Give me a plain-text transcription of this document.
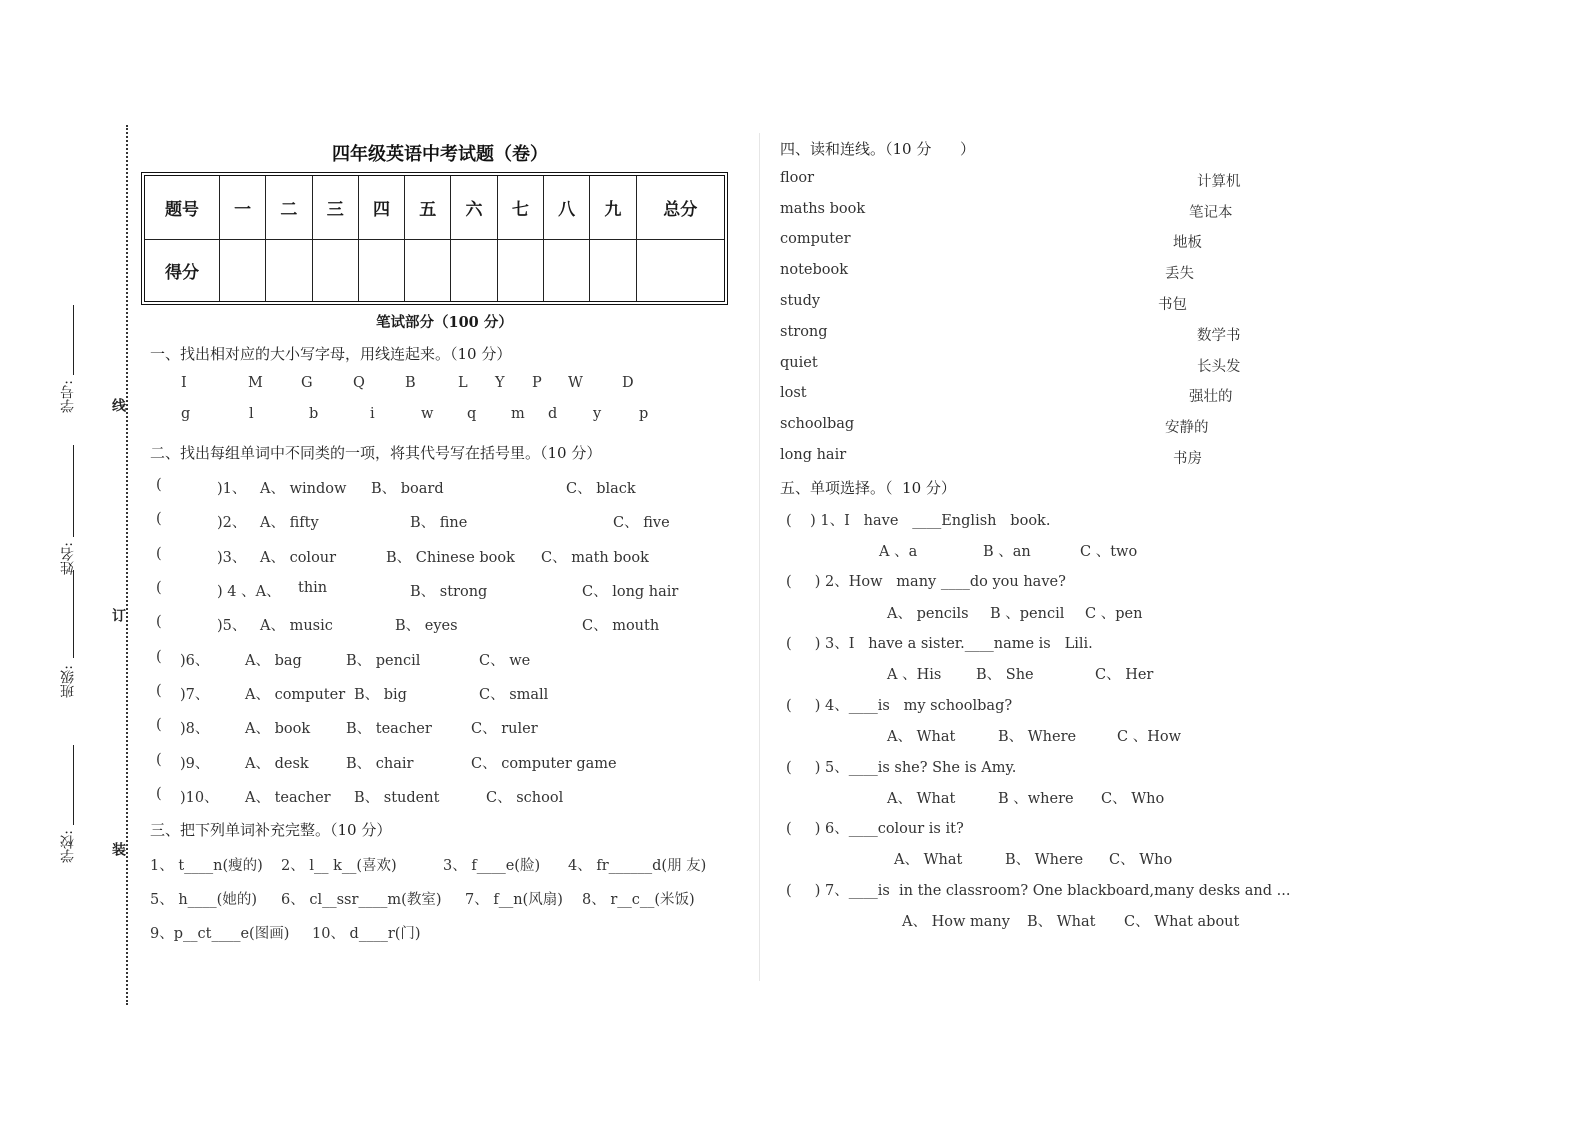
学号:
姓名:
班级:
学校:
线
订
装
四年级英语中考试题（卷）
题号	一	二	三	四	五	六	七	八	九	总分
得分										
笔试部分（100 分）
一、找出相对应的大小写字母，用线连起来。（10 分）
I	M	G	Q	B	L Y P W	D
g	l	b	i	w q m d y	p
二、找出每组单词中不同类的一项，将其代号写在括号里。（10 分）
(	)1、 A、 window B、 board	C、 black
(	)2、 A、 fifty	B、 fine	C、 five
(	)3、 A、 colour	B、 Chinese book C、 math book
(	) 4 、A、 thin	B、 strong	C、 long hair
(	)5、 A、 music	B、 eyes	C、 mouth
( )6、 A、 bag	B、 pencil	C、 we
( )7、 A、 computer B、 big	C、 small
( )8、 A、 book B、 teacher	C、 ruler
( )9、 A、 desk	B、 chair	C、 computer game
( )10、 A、 teacher B、 student	C、 school
三、把下列单词补充完整。（10 分）
1、 t____n(瘦的) 2、 l__ k__(喜欢)	3、 f____e(脸) 4、 fr______d(朋 友)
5、 h____(她的) 6、 cl__ssr____m(教室) 7、 f__n(风扇) 8、 r__c__(米饭)
9、p__ct____e(图画) 10、 d____r(门)
四、读和连线。（10 分      ）
floor
maths book
computer
notebook
study
strong
quiet
lost
schoolbag
long hair
计算机
笔记本
地板
丢失
书包
数学书
长头发
强壮的
安静的
书房
五、单项选择。（  10 分）
(    ) 1、I   have   ____English   book.
A 、a	B 、an	C 、two
(     ) 2、How   many ____do you have?
A、 pencils B 、pencil C 、pen
(     ) 3、I   have a sister.____name is   Lili.
A 、His B、 She	C、 Her
(     ) 4、____is   my schoolbag?
A、 What	B、 Where	C 、How
(     ) 5、____is she? She is Amy.
A、 What	B 、where C、 Who
(     ) 6、____colour is it?
A、 What	B、 Where C、 Who
(     ) 7、____is  in the classroom? One blackboard,many desks and ...
A、 How many B、 What C、 What about
